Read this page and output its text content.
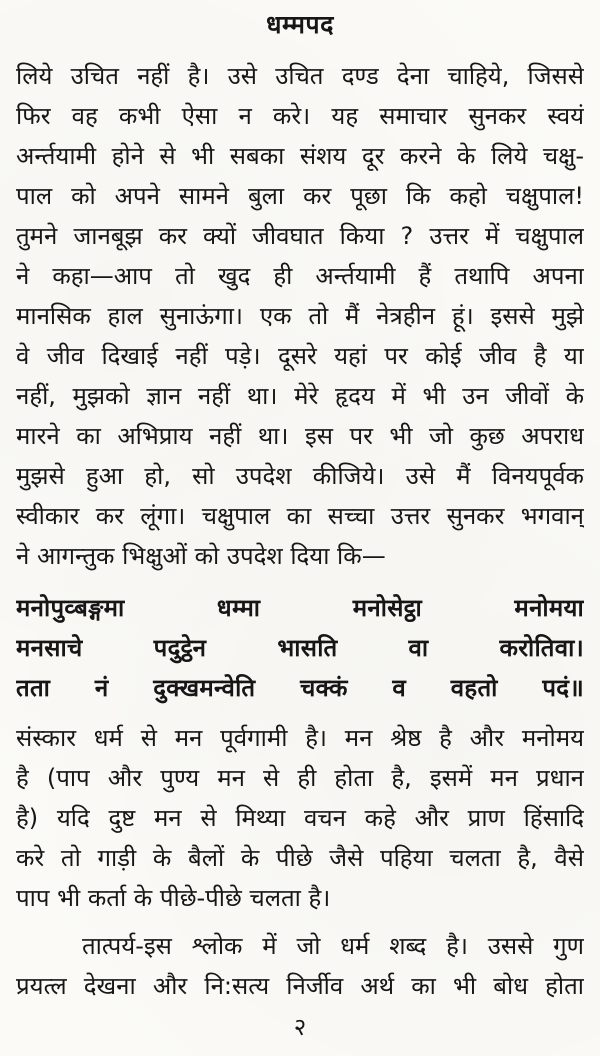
धम्मपद
लिये उचित नहीं है। उसे उचित दण्ड देना चाहिये, जिससे
फिर वह कभी ऐसा न करे। यह समाचार सुनकर स्वयं
अर्न्तयामी होने से भी सबका संशय दूर करने के लिये चक्षु-
पाल को अपने सामने बुला कर पूछा कि कहो चक्षुपाल!
तुमने जानबूझ कर क्यों जीवघात किया ? उत्तर में चक्षुपाल
ने कहा—आप तो खुद ही अर्न्तयामी हैं तथापि अपना
मानसिक हाल सुनाऊंगा। एक तो मैं नेत्रहीन हूं। इससे मुझे
वे जीव दिखाई नहीं पड़े। दूसरे यहां पर कोई जीव है या
नहीं, मुझको ज्ञान नहीं था। मेरे हृदय में भी उन जीवों के
मारने का अभिप्राय नहीं था। इस पर भी जो कुछ अपराध
मुझसे हुआ हो, सो उपदेश कीजिये। उसे मैं विनयपूर्वक
स्वीकार कर लूंगा। चक्षुपाल का सच्चा उत्तर सुनकर भगवान्
ने आगन्तुक भिक्षुओं को उपदेश दिया कि—
मनोपुव्बङ्गमा धम्मा मनोसेट्ठा मनोमया
मनसाचे पदुट्ठेन भासति वा करोतिवा।
तता नं दुक्खमन्वेति चक्कं व वहतो पदं॥
संस्कार धर्म से मन पूर्वगामी है। मन श्रेष्ठ है और मनोमय
है (पाप और पुण्य मन से ही होता है, इसमें मन प्रधान
है) यदि दुष्ट मन से मिथ्या वचन कहे और प्राण हिंसादि
करे तो गाड़ी के बैलों के पीछे जैसे पहिया चलता है, वैसे
पाप भी कर्ता के पीछे-पीछे चलता है।
तात्पर्य-इस श्लोक में जो धर्म शब्द है। उससे गुण
प्रयत्ल देखना और नि:सत्य निर्जीव अर्थ का भी बोध होता
२
